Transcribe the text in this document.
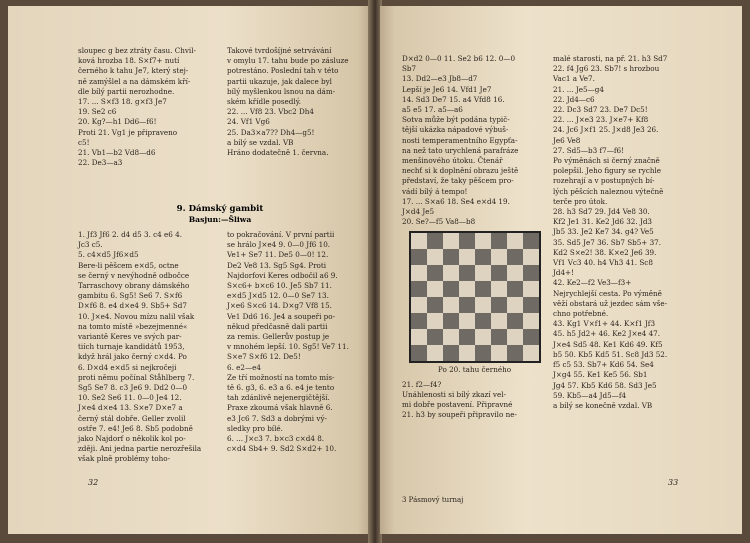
sloupec g bez ztráty času. Chvil-
ková hrozba 18. S×f7+ nutí
černého k tahu Je7, který stej-
ně zamýšlel a na dámském kří-
dle bílý partii nerozhodne.
17. ... S×f3 18. g×f3 Je7
19. Se2 c6
20. Kg?—h1 Dd6—f6!
Proti 21. Vg1 je připraveno
c5!
21. Vb1—b2 Vd8—d6
22. De3—a3
Takové tvrdošíjné setrvávání
v omylu 17. tahu bude po zásluze
potrestáno. Poslední tah v této
partii ukazuje, jak dalece byl
bílý myšlenkou lsnou na dám-
ském křídle posedlý.
22. ... Vf8 23. Vbc2 Dh4
24. Vf1 Vg6
25. Da3×a7?? Dh4—g5!
a bílý se vzdal. VB
Hráno dodatečně 1. června.
9. Dámský gambit
Basjun:—Šliwa
1. Jf3 Jf6 2. d4 d5 3. c4 e6 4.
Jc3 c5.
5. c4×d5 Jf6×d5
Bere-li pěšcem e×d5, octne
se černý v nevýhodně odbočce
Tarraschovy obrany dámského
gambitu 6. Sg5! Se6 7. S×f6
D×f6 8. e4 d×e4 9. Sb5+ Sd7
10. J×e4. Novou mízu nalil však
na tomto místě »bezejmenné«
variantě Keres ve svých par-
tiích turnaje kandidátů 1953,
když hrál jako černý c×d4. Po
6. D×d4 e×d5 si nejkročeji
proti němu počínal Ståhlberg 7.
Sg5 Se7 8. c3 Je6 9. Dd2 0—0
10. Se2 Se6 11. 0—0 Je4 12.
J×e4 d×e4 13. S×e7 D×e7 a
černý stál dobře. Geller zvolil
ostře 7. e4! Je6 8. Sb5 podobně
jako Najdorf o několik kol po-
zději. Ani jedna partie nerozřešila
však plně problémy toho-
to pokračování. V první partii
se hrálo J×e4 9. 0—0 Jf6 10.
Ve1+ Se7 11. De5 0—0! 12.
De2 Ve8 13. Sg5 Sg4. Proti
Najdorfovi Keres odbočil a6 9.
S×c6+ b×c6 10. Je5 Sb7 11.
e×d5 J×d5 12. 0—0 Se7 13.
J×e6 S×c6 14. D×g7 Vf8 15.
Ve1 Dd6 16. Je4 a soupeři po-
někud předčasně dali partii
za remis. Gellerův postup je
v mnohém lepší. 10. Sg5! Ve7 11.
S×e7 S×f6 12. De5!
6. e2—e4
Ze tří možností na tomto mís-
tě 6. g3, 6. e3 a 6. e4 je tento
tah zdánlivě nejenergičtější.
Praxe zkoumá však hlavně 6.
e3 Jc6 7. Sd3 a dobrými vý-
sledky pro bílé.
6. ... J×c3 7. b×c3 c×d4 8.
c×d4 Sb4+ 9. Sd2 S×d2+ 10.
32
D×d2 0—0 11. Se2 b6 12. 0—0
Sb7
13. Dd2—e3 Jb8—d7
Lepší je Je6 14. Vfd1 Je7
14. Sd3 De7 15. a4 Vfd8 16.
a5 e5 17. a5—a6
Sotva může být podána typič-
tější ukázka nápadové výbuš-
nosti temperamentního Egypťa-
na než tato urychlená parafráze
menšinového útoku. Čtenář
nechť si k doplnění obrazu ještě
představí, že taky pěšcem pro-
vádí bílý á tempo!
17. ... S×a6 18. Se4 e×d4 19.
J×d4 Je5
20. Se?—f5 Va8—b8
Po 20. tahu černého
21. f2—f4?
Unáhlenosti si bílý zkazí vel-
mi dobře postavení. Připravné
21. h3 by soupeři připravilo ne-
malé starosti, na př. 21. h3 Sd7
22. f4 Jg6 23. Sb7! s hrozbou
Vac1 a Ve7.
21. ... Je5—g4
22. Jd4—c6
22. Dc3 Sd7 23. De7 Dc5!
22. ... J×e3 23. J×e7+ Kf8
24. Jc6 J×f1 25. J×d8 Je3 26.
Je6 Ve8
27. Sd5—b3 f7—f6!
Po výměnách si černý značně
polepšil. Jeho figury se rychle
rozehrají a v postupných bí-
lých pěšcích naleznou výtečně
terče pro útok.
28. h3 Sd7 29. Jd4 Ve8 30.
Kf2 Je1 31. Ke2 Jd6 32. Jd3
Jb5 33. Je2 Ke7 34. g4? Ve5
35. Sd5 Je7 36. Sb7 Sb5+ 37.
Kd2 S×e2! 38. K×e2 Je6 39.
Vf1 Vc3 40. h4 Vh3 41. Sc8
Jd4+!
42. Ke2—f2 Ve3—f3+
Nejrychlejší cesta. Po výměně
věží obstará už jezdec sám vše-
chno potřebné.
43. Kg1 V×f1+ 44. K×f1 Jf3
45. h5 Jd2+ 46. Ke2 J×e4 47.
J×e4 Sd5 48. Ke1 Kd6 49. Kf5
b5 50. Kb5 Kd5 51. Sc8 Jd3 52.
f5 c5 53. Sb7+ Kd6 54. Se4
J×g4 55. Ke1 Ke5 56. Sb1
Jg4 57. Kb5 Kd6 58. Sd3 Je5
59. Kb5—a4 Jd5—f4
a bílý se konečně vzdal. VB
3 Pásmový turnaj
33
